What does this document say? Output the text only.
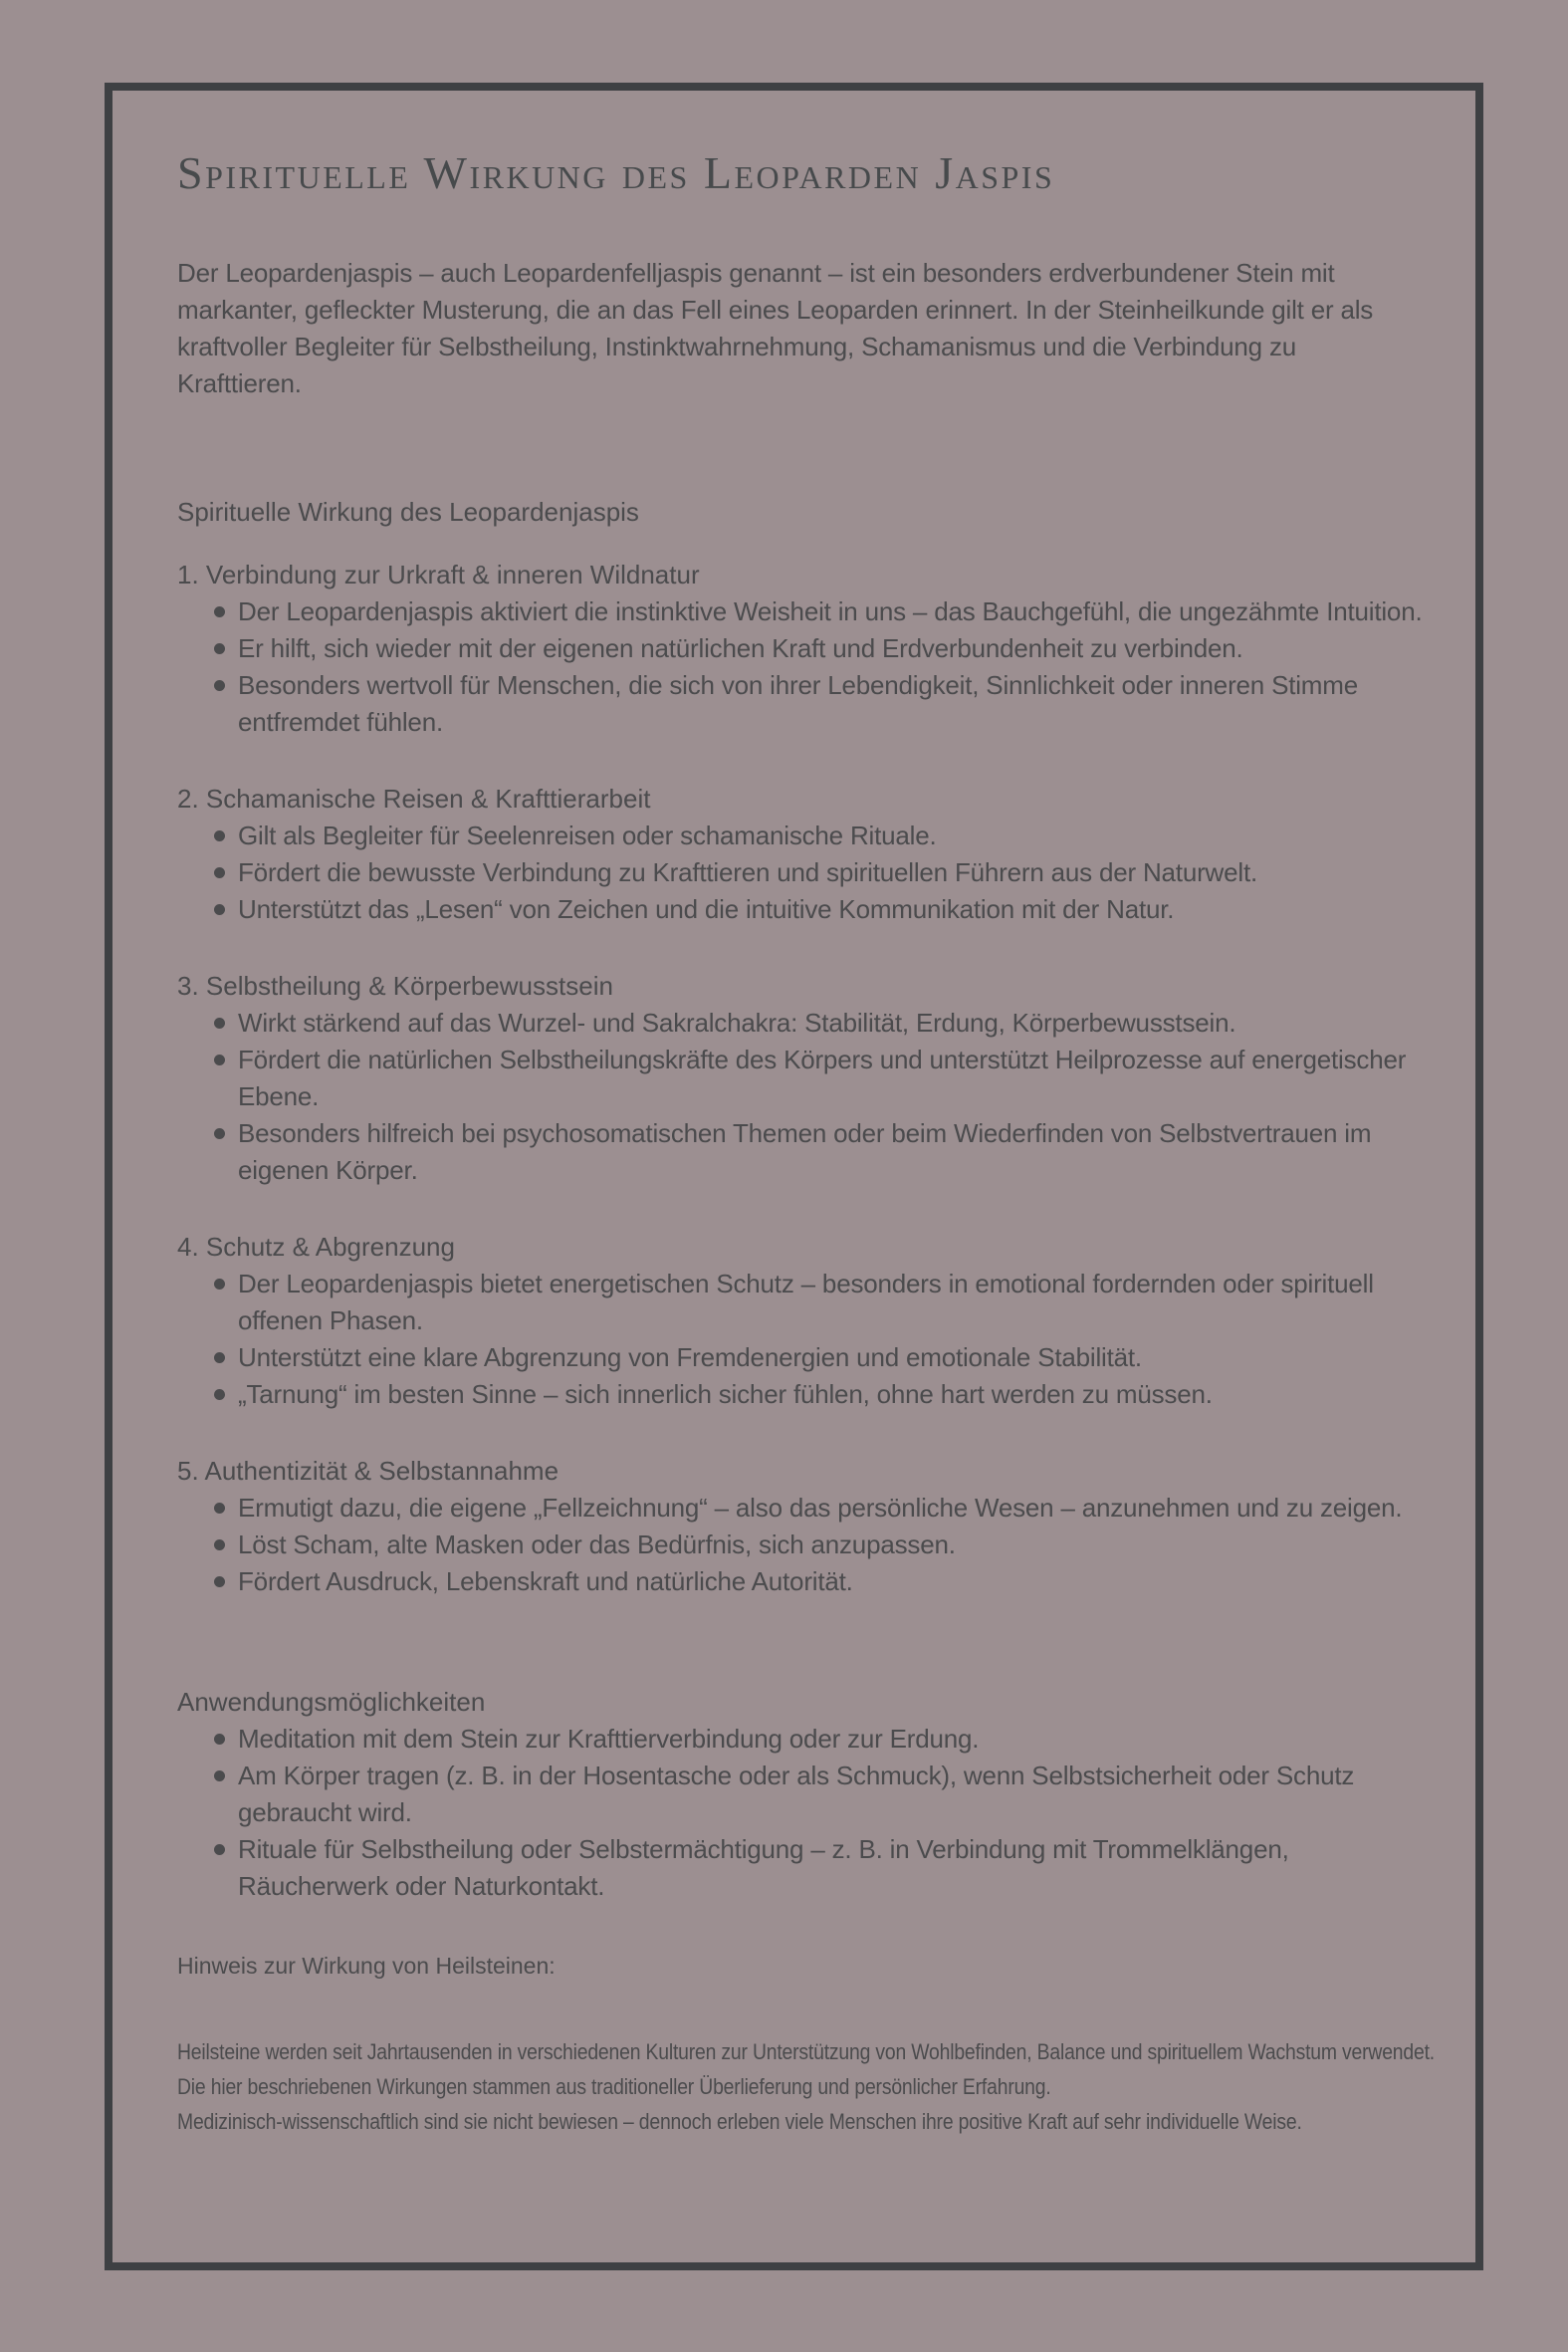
Spirituelle Wirkung des Leoparden Jaspis
Der Leopardenjaspis – auch Leopardenfelljaspis genannt – ist ein besonders erdverbundener Stein mit markanter, gefleckter Musterung, die an das Fell eines Leoparden erinnert. In der Steinheilkunde gilt er als kraftvoller Begleiter für Selbstheilung, Instinktwahrnehmung, Schamanismus und die Verbindung zu Krafttieren.
Spirituelle Wirkung des Leopardenjaspis
1. Verbindung zur Urkraft & inneren Wildnatur
Der Leopardenjaspis aktiviert die instinktive Weisheit in uns – das Bauchgefühl, die ungezähmte Intuition.
Er hilft, sich wieder mit der eigenen natürlichen Kraft und Erdverbundenheit zu verbinden.
Besonders wertvoll für Menschen, die sich von ihrer Lebendigkeit, Sinnlichkeit oder inneren Stimme entfremdet fühlen.
2. Schamanische Reisen & Krafttierarbeit
Gilt als Begleiter für Seelenreisen oder schamanische Rituale.
Fördert die bewusste Verbindung zu Krafttieren und spirituellen Führern aus der Naturwelt.
Unterstützt das „Lesen“ von Zeichen und die intuitive Kommunikation mit der Natur.
3. Selbstheilung & Körperbewusstsein
Wirkt stärkend auf das Wurzel- und Sakralchakra: Stabilität, Erdung, Körperbewusstsein.
Fördert die natürlichen Selbstheilungskräfte des Körpers und unterstützt Heilprozesse auf energetischer Ebene.
Besonders hilfreich bei psychosomatischen Themen oder beim Wiederfinden von Selbstvertrauen im eigenen Körper.
4. Schutz & Abgrenzung
Der Leopardenjaspis bietet energetischen Schutz – besonders in emotional fordernden oder spirituell offenen Phasen.
Unterstützt eine klare Abgrenzung von Fremdenergien und emotionale Stabilität.
„Tarnung“ im besten Sinne – sich innerlich sicher fühlen, ohne hart werden zu müssen.
5. Authentizität & Selbstannahme
Ermutigt dazu, die eigene „Fellzeichnung“ – also das persönliche Wesen – anzunehmen und zu zeigen.
Löst Scham, alte Masken oder das Bedürfnis, sich anzupassen.
Fördert Ausdruck, Lebenskraft und natürliche Autorität.
Anwendungsmöglichkeiten
Meditation mit dem Stein zur Krafttierverbindung oder zur Erdung.
Am Körper tragen (z. B. in der Hosentasche oder als Schmuck), wenn Selbstsicherheit oder Schutz gebraucht wird.
Rituale für Selbstheilung oder Selbstermächtigung – z. B. in Verbindung mit Trommelklängen, Räucherwerk oder Naturkontakt.
Hinweis zur Wirkung von Heilsteinen:
Heilsteine werden seit Jahrtausenden in verschiedenen Kulturen zur Unterstützung von Wohlbefinden, Balance und spirituellem Wachstum verwendet.
Die hier beschriebenen Wirkungen stammen aus traditioneller Überlieferung und persönlicher Erfahrung.
Medizinisch-wissenschaftlich sind sie nicht bewiesen – dennoch erleben viele Menschen ihre positive Kraft auf sehr individuelle Weise.
